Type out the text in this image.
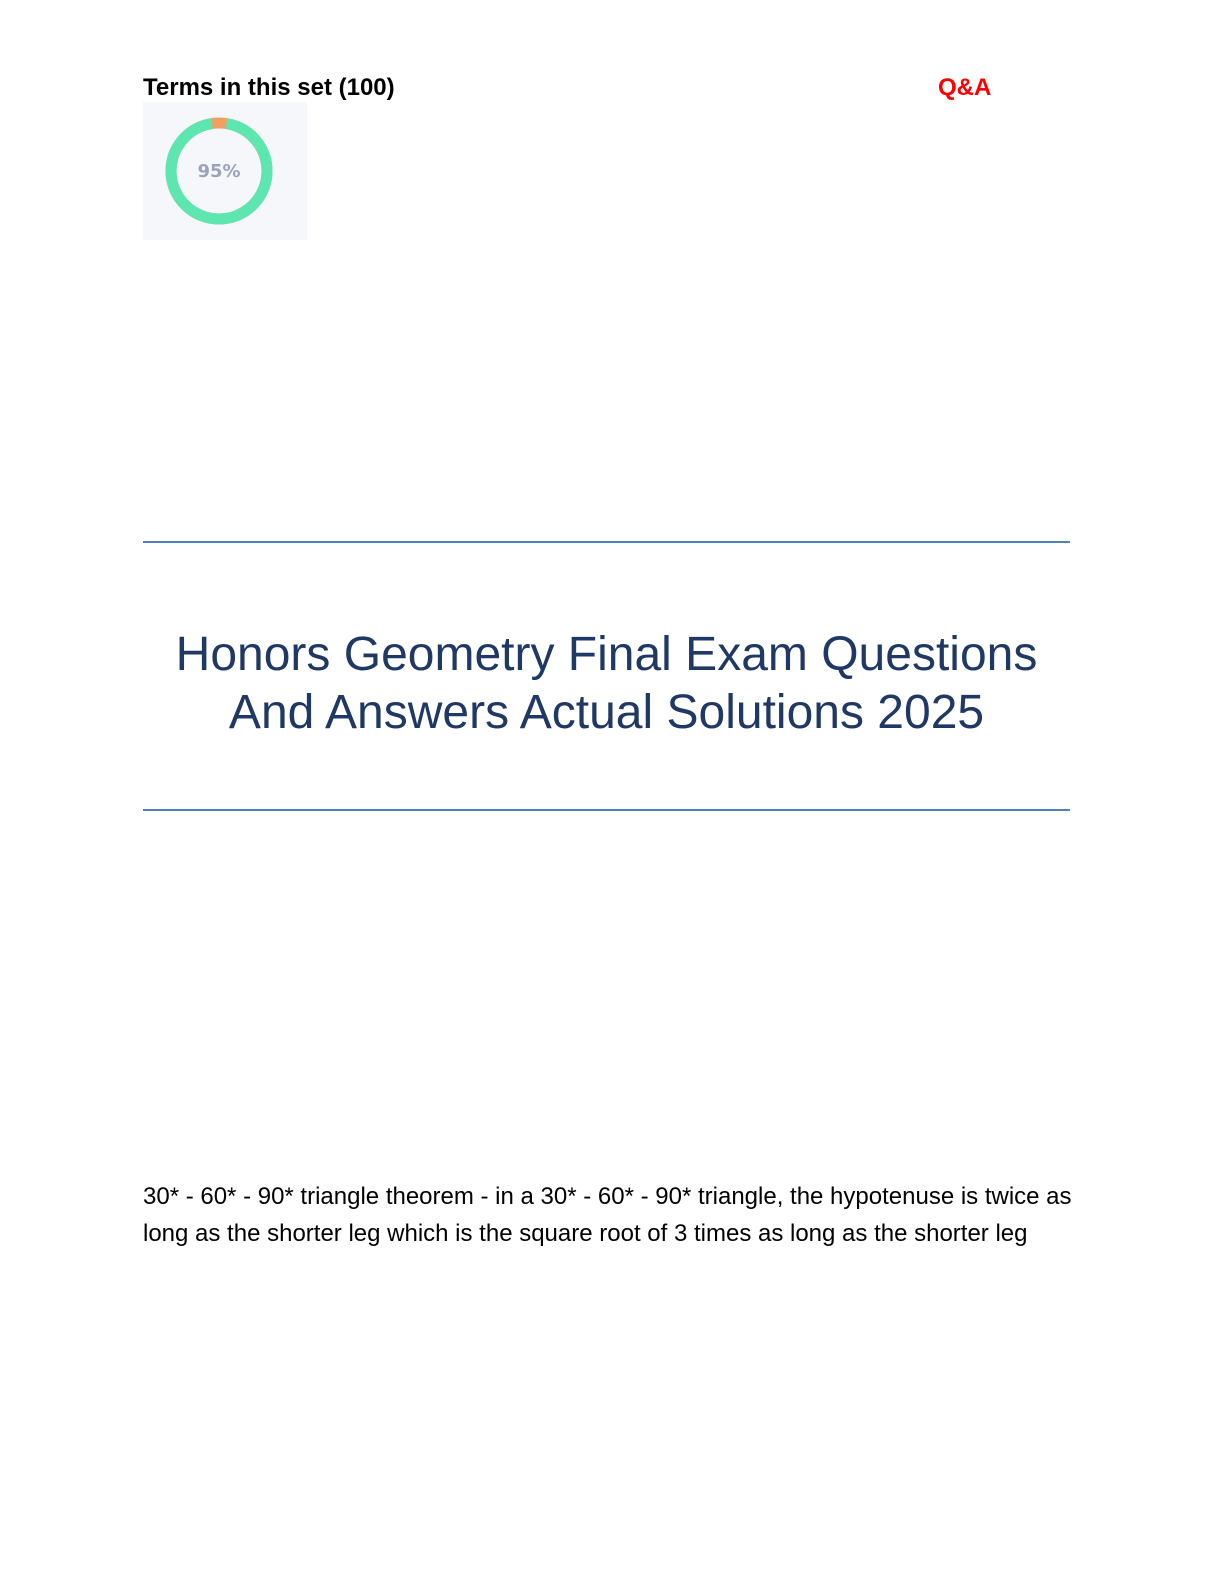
Terms in this set (100)	Q&A
95%
Honors Geometry Final Exam Questions And Answers Actual Solutions 2025

30* - 60* - 90* triangle theorem - in a 30* - 60* - 90* triangle, the hypotenuse is twice as long as the shorter leg which is the square root of 3 times as long as the shorter leg
